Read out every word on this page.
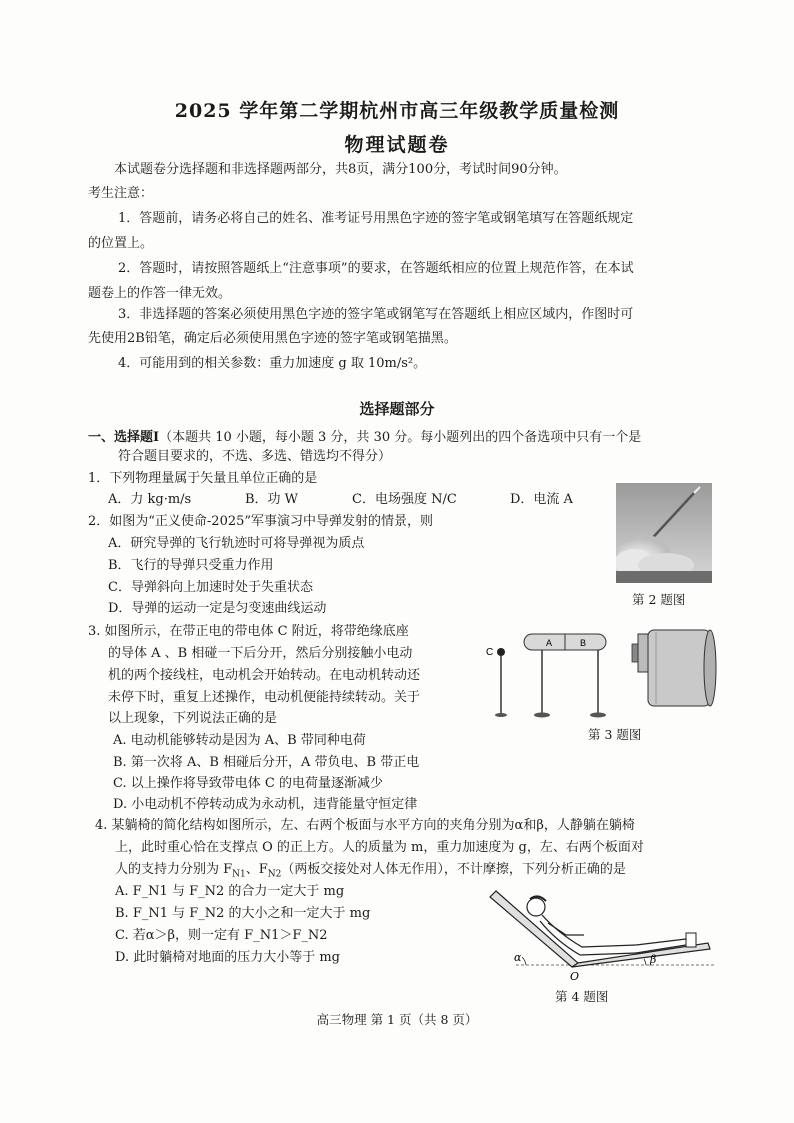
2025 学年第二学期杭州市高三年级教学质量检测
物理试题卷
本试题卷分选择题和非选择题两部分，共8页，满分100分，考试时间90分钟。
考生注意：
1．答题前，请务必将自己的姓名、准考证号用黑色字迹的签字笔或钢笔填写在答题纸规定
的位置上。
2．答题时，请按照答题纸上“注意事项”的要求，在答题纸相应的位置上规范作答，在本试
题卷上的作答一律无效。
3．非选择题的答案必须使用黑色字迹的签字笔或钢笔写在答题纸上相应区域内，作图时可
先使用2B铅笔，确定后必须使用黑色字迹的签字笔或钢笔描黑。
4．可能用到的相关参数：重力加速度 g 取 10m/s²。
选择题部分
一、选择题Ⅰ（本题共 10 小题，每小题 3 分，共 30 分。每小题列出的四个备选项中只有一个是
符合题目要求的，不选、多选、错选均不得分）
1．下列物理量属于矢量且单位正确的是
A．力 kg·m/s	B．功 W	C．电场强度 N/C	D．电流 A
2．如图为“正义使命-2025”军事演习中导弹发射的情景，则
A．研究导弹的飞行轨迹时可将导弹视为质点
B．飞行的导弹只受重力作用
C．导弹斜向上加速时处于失重状态
D．导弹的运动一定是匀变速曲线运动
第 2 题图
3. 如图所示，在带正电的带电体 C 附近，将带绝缘底座
的导体 A 、B 相碰一下后分开，然后分别接触小电动
机的两个接线柱，电动机会开始转动。在电动机转动还
未停下时，重复上述操作，电动机便能持续转动。关于
以上现象，下列说法正确的是
A. 电动机能够转动是因为 A、B 带同种电荷
B. 第一次将 A、B 相碰后分开，A 带负电、B 带正电
C. 以上操作将导致带电体 C 的电荷量逐渐减少
D. 小电动机不停转动成为永动机，违背能量守恒定律
C
A	B
第 3 题图
4. 某躺椅的简化结构如图所示，左、右两个板面与水平方向的夹角分别为α和β，人静躺在躺椅
上，此时重心恰在支撑点 O 的正上方。人的质量为 m，重力加速度为 g，左、右两个板面对
人的支持力分别为 $F_{N1}$、$F_{N2}$（两板交接处对人体无作用），不计摩擦，下列分析正确的是
A. F_N1 与 F_N2 的合力一定大于 mg
B. F_N1 与 F_N2 的大小之和一定大于 mg
C. 若α＞β，则一定有 F_N1＞F_N2
D. 此时躺椅对地面的压力大小等于 mg	α	β
O
第 4 题图
高三物理 第 1 页（共 8 页）
